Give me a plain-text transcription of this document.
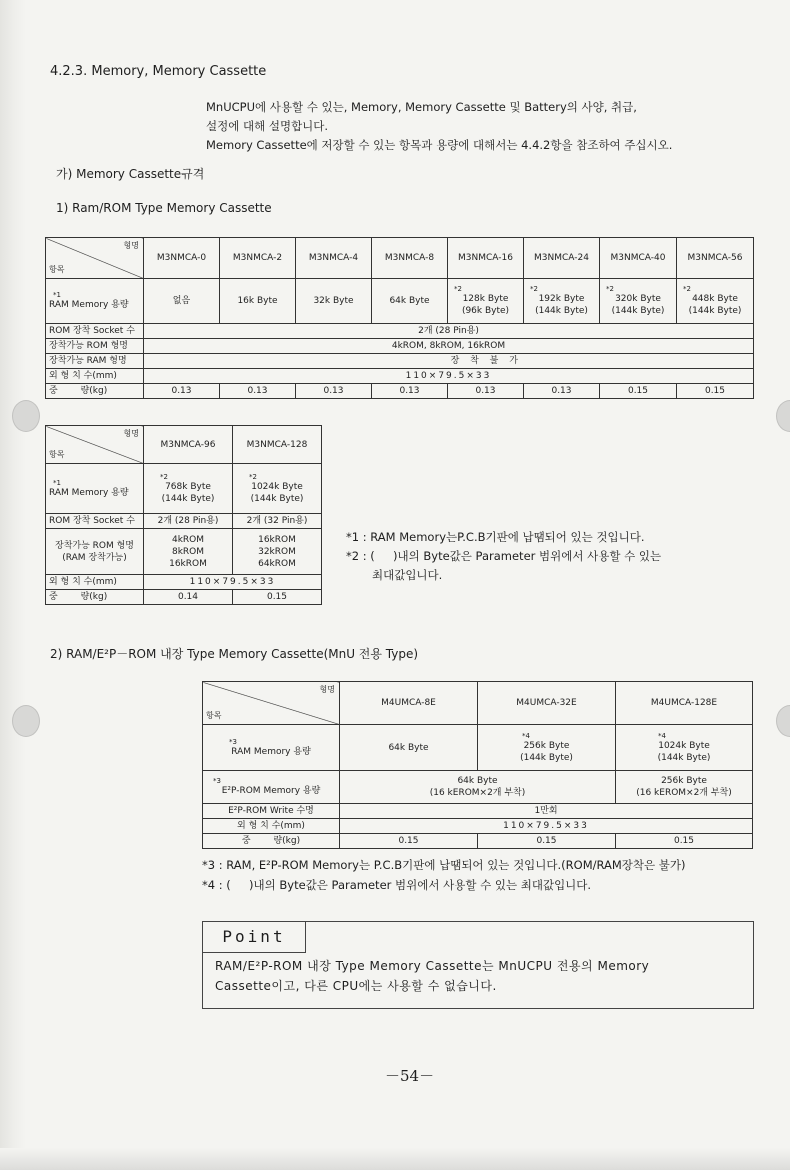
4.2.3. Memory, Memory Cassette
MnUCPU에 사용할 수 있는, Memory, Memory Cassette 및 Battery의 사양, 취급,
설정에 대해 설명합니다.
Memory Cassette에 저장할 수 있는 항목과 용량에 대해서는 4.4.2항을 참조하여 주십시오.
가) Memory Cassette규격
1) Ram/ROM Type Memory Cassette
형명
항목	M3NMCA-0	M3NMCA-2	M3NMCA-4	M3NMCA-8	M3NMCA-16	M3NMCA-24	M3NMCA-40	M3NMCA-56

*1
RAM Memory 용량	없음	16k Byte	32k Byte	64k Byte	*2
128k Byte
(96k Byte)	*2
192k Byte
(144k Byte)	*2
320k Byte
(144k Byte)	*2
448k Byte
(144k Byte)
ROM 장착 Socket 수	2개 (28 Pin용)							
장착가능 ROM 형명	4kROM, 8kROM, 16kROM							
장착가능 RAM 형명		장 착 불 가						
외 형 치 수(mm)	110×79.5×33							
중        량(kg)	0.13	0.13	0.13	0.13	0.13	0.13	0.15	0.15
형명
항목	M3NMCA-96	M3NMCA-128

*1
RAM Memory 용량	*2
768k Byte
(144k Byte)	*2
1024k Byte
(144k Byte)
ROM 장착 Socket 수	2개 (28 Pin용)	2개 (32 Pin용)
장착가능 ROM 형명
(RAM 장착가능)	4kROM
8kROM
16kROM	16kROM
32kROM
64kROM
외 형 치 수(mm)	110×79.5×33	
중        량(kg)	0.14	0.15
*1 : RAM Memory는P.C.B기판에 납땜되어 있는 것입니다.
*2 : (     )내의 Byte값은 Parameter 범위에서 사용할 수 있는
최대값입니다.
2) RAM/E²P－ROM 내장 Type Memory Cassette(MnU 전용 Type)
형명
항목	M4UMCA-8E	M4UMCA-32E	M4UMCA-128E

*3
RAM Memory 용량	64k Byte	*4
256k Byte
(144k Byte)	*4
1024k Byte
(144k Byte)

*3
E²P-ROM Memory 용량	64k Byte
(16 kEROM×2개 부착)		256k Byte
(16 kEROM×2개 부착)
E²P-ROM Write 수명	1만회		
외 형 치 수(mm)	110×79.5×33		
중        량(kg)	0.15	0.15	0.15
*3 : RAM, E²P-ROM Memory는 P.C.B기판에 납땜되어 있는 것입니다.(ROM/RAM장착은 불가)
*4 : (     )내의 Byte값은 Parameter 범위에서 사용할 수 있는 최대값입니다.
Point
RAM/E²P-ROM 내장 Type Memory Cassette는 MnUCPU 전용의 Memory
Cassette이고, 다른 CPU에는 사용할 수 없습니다.
－54－
